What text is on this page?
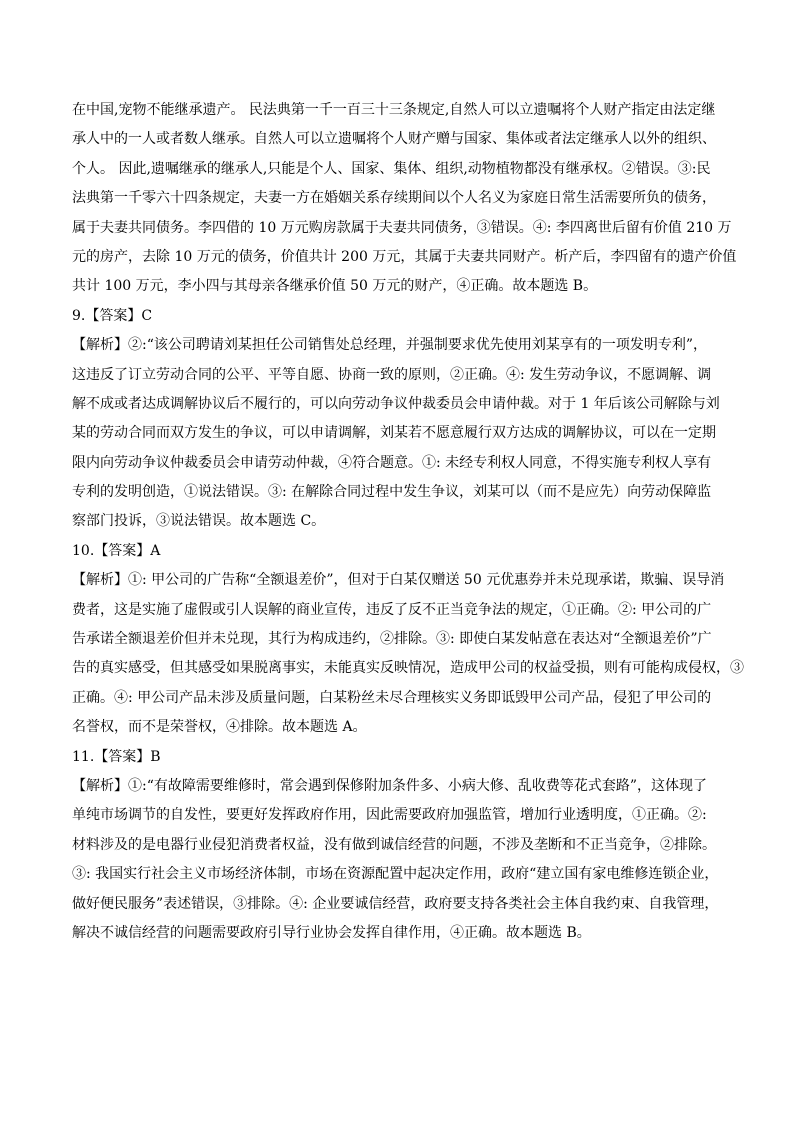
在中国,宠物不能继承遗产。 民法典第一千一百三十三条规定,自然人可以立遗嘱将个人财产指定由法定继
承人中的一人或者数人继承。自然人可以立遗嘱将个人财产赠与国家、集体或者法定继承人以外的组织、
个人。 因此,遗嘱继承的继承人,只能是个人、国家、集体、组织,动物植物都没有继承权。②错误。③:民
法典第一千零六十四条规定，夫妻一方在婚姻关系存续期间以个人名义为家庭日常生活需要所负的债务，
属于夫妻共同债务。李四借的 10 万元购房款属于夫妻共同债务，③错误。④: 李四离世后留有价值 210 万
元的房产，去除 10 万元的债务，价值共计 200 万元，其属于夫妻共同财产。析产后，李四留有的遗产价值
共计 100 万元，李小四与其母亲各继承价值 50 万元的财产，④正确。故本题选 B。
9.【答案】C
【解析】②:“该公司聘请刘某担任公司销售处总经理，并强制要求优先使用刘某享有的一项发明专利”，
这违反了订立劳动合同的公平、平等自愿、协商一致的原则，②正确。④: 发生劳动争议，不愿调解、调
解不成或者达成调解协议后不履行的，可以向劳动争议仲裁委员会申请仲裁。对于 1 年后该公司解除与刘
某的劳动合同而双方发生的争议，可以申请调解，刘某若不愿意履行双方达成的调解协议，可以在一定期
限内向劳动争议仲裁委员会申请劳动仲裁，④符合题意。①: 未经专利权人同意，不得实施专利权人享有
专利的发明创造，①说法错误。③: 在解除合同过程中发生争议，刘某可以（而不是应先）向劳动保障监
察部门投诉，③说法错误。故本题选 C。
10.【答案】A
【解析】①: 甲公司的广告称“全额退差价”，但对于白某仅赠送 50 元优惠券并未兑现承诺，欺骗、误导消
费者，这是实施了虚假或引人误解的商业宣传，违反了反不正当竞争法的规定，①正确。②: 甲公司的广
告承诺全额退差价但并未兑现，其行为构成违约，②排除。③: 即使白某发帖意在表达对“全额退差价”广
告的真实感受，但其感受如果脱离事实，未能真实反映情况，造成甲公司的权益受损，则有可能构成侵权，③
正确。④: 甲公司产品未涉及质量问题，白某粉丝未尽合理核实义务即诋毁甲公司产品，侵犯了甲公司的
名誉权，而不是荣誉权，④排除。故本题选 A。
11.【答案】B
【解析】①:“有故障需要维修时，常会遇到保修附加条件多、小病大修、乱收费等花式套路”，这体现了
单纯市场调节的自发性，要更好发挥政府作用，因此需要政府加强监管，增加行业透明度，①正确。②:
材料涉及的是电器行业侵犯消费者权益，没有做到诚信经营的问题，不涉及垄断和不正当竞争，②排除。
③: 我国实行社会主义市场经济体制，市场在资源配置中起决定作用，政府“建立国有家电维修连锁企业，
做好便民服务”表述错误，③排除。④: 企业要诚信经营，政府要支持各类社会主体自我约束、自我管理，
解决不诚信经营的问题需要政府引导行业协会发挥自律作用，④正确。故本题选 B。
